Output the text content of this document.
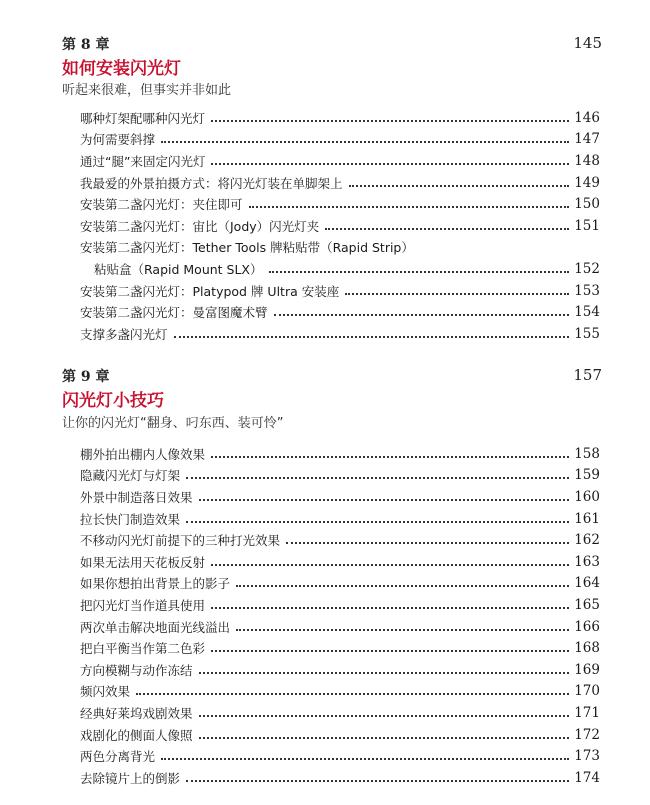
第 8 章	145
如何安装闪光灯
听起来很难，但事实并非如此
哪种灯架配哪种闪光灯	146
为何需要斜撑	147
通过“腿”来固定闪光灯	148
我最爱的外景拍摄方式：将闪光灯装在单脚架上	149
安装第二盏闪光灯：夹住即可	150
安装第二盏闪光灯：宙比（Jody）闪光灯夹	151
安装第二盏闪光灯：Tether Tools 牌粘贴带（Rapid Strip）
粘贴盒（Rapid Mount SLX）	152
安装第二盏闪光灯：Platypod 牌 Ultra 安装座	153
安装第二盏闪光灯：曼富图魔术臂	154
支撑多盏闪光灯	155
第 9 章	157
闪光灯小技巧
让你的闪光灯“翻身、叼东西、装可怜”
棚外拍出棚内人像效果	158
隐藏闪光灯与灯架	159
外景中制造落日效果	160
拉长快门制造效果	161
不移动闪光灯前提下的三种打光效果	162
如果无法用天花板反射	163
如果你想拍出背景上的影子	164
把闪光灯当作道具使用	165
两次单击解决地面光线溢出	166
把白平衡当作第二色彩	168
方向模糊与动作冻结	169
频闪效果	170
经典好莱坞戏剧效果	171
戏剧化的侧面人像照	172
两色分离背光	173
去除镜片上的倒影	174
